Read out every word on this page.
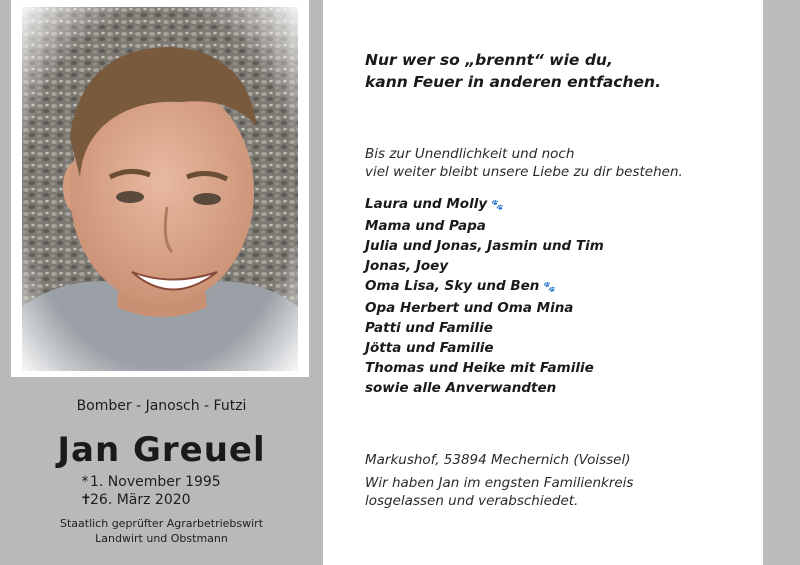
Bomber - Janosch - Futzi
Jan Greuel
* 1. November 1995
✝26. März 2020
Staatlich geprüfter Agrarbetriebswirt
Landwirt und Obstmann
Nur wer so „brennt“ wie du,
kann Feuer in anderen entfachen.
Bis zur Unendlichkeit und noch
viel weiter bleibt unsere Liebe zu dir bestehen.
Laura und Molly 🐾
Mama und Papa
Julia und Jonas, Jasmin und Tim
Jonas, Joey
Oma Lisa, Sky und Ben 🐾
Opa Herbert und Oma Mina
Patti und Familie
Jötta und Familie
Thomas und Heike mit Familie
sowie alle Anverwandten
Markushof, 53894 Mechernich (Voissel)
Wir haben Jan im engsten Familienkreis
losgelassen und verabschiedet.
